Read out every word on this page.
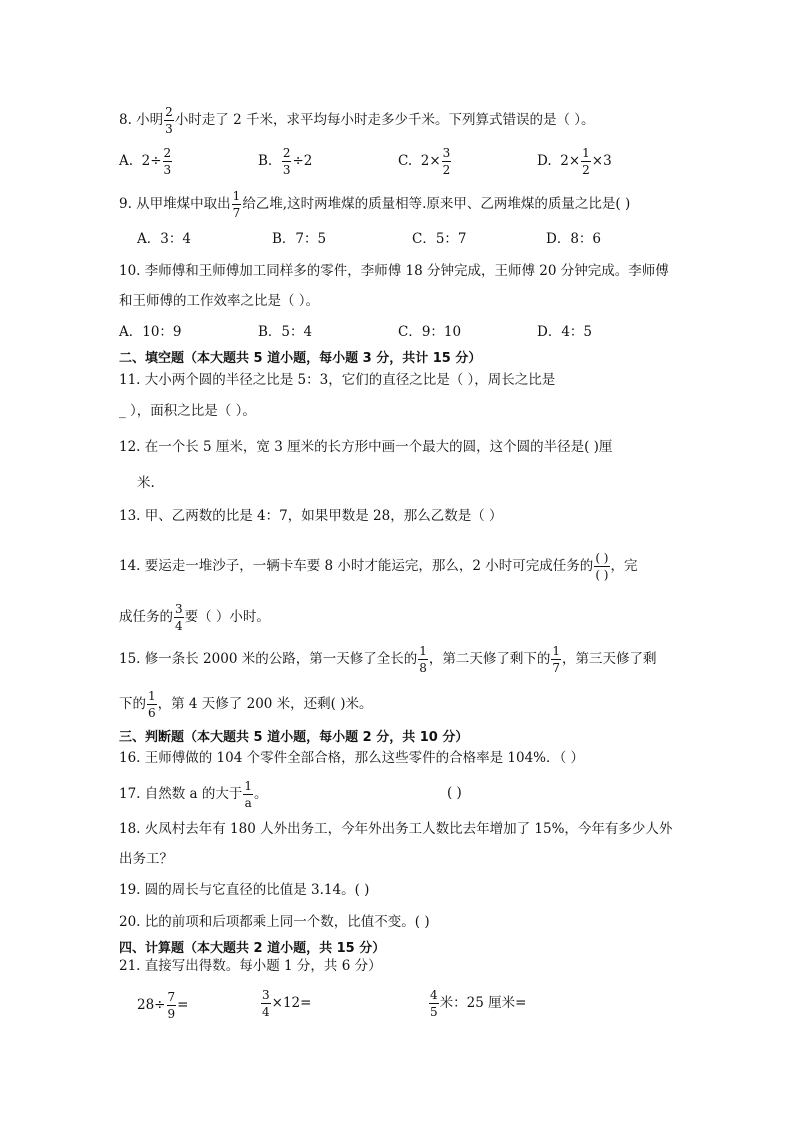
8. 小明 $\frac{2}{3}$ 小时走了 2 千米，求平均每小时走多少千米。下列算式错误的是（ ）。
A. $2\div \frac{2}{3}$	B. $\frac{2}{3} \div 2$	C. $2\times \frac{3}{2}$	D. $2\times \frac{1}{2} \times 3$
9. 从甲堆煤中取出 $\frac{1}{7}$ 给乙堆,这时两堆煤的质量相等.原来甲、乙两堆煤的质量之比是( )
A．3：4	B．7：5	C．5：7	D．8：6
10. 李师傅和王师傅加工同样多的零件，李师傅 18 分钟完成，王师傅 20 分钟完成。李师傅
和王师傅的工作效率之比是（ ）。
A．10：9	B．5：4	C．9：10	D．4：5
二、填空题（本大题共 5 道小题，每小题 3 分，共计 15 分）
11. 大小两个圆的半径之比是 5：3，它们的直径之比是（ ），周长之比是
_ ），面积之比是（ ）。
12. 在一个长 5 厘米，宽 3 厘米的长方形中画一个最大的圆，这个圆的半径是( )厘
米.
13. 甲、乙两数的比是 4：7，如果甲数是 28，那么乙数是（ ）
14. 要运走一堆沙子，一辆卡车要 8 小时才能运完，那么，2 小时可完成任务的 $\frac{( )}{( )}$ ，完
成任务的 $\frac{3}{4}$ 要（ ）小时。
15. 修一条长 2000 米的公路，第一天修了全长的 $\frac{1}{8}$ ，第二天修了剩下的 $\frac{1}{7}$ ，第三天修了剩
下的 $\frac{1}{6}$ ，第 4 天修了 200 米，还剩( )米。
三、判断题（本大题共 5 道小题，每小题 2 分，共 10 分）
16. 王师傅做的 104 个零件全部合格，那么这些零件的合格率是 104%．（ ）
17. 自然数 a 的大于 $\frac{1}{a}$ 。	( )
18. 火凤村去年有 180 人外出务工，今年外出务工人数比去年增加了 15%，今年有多少人外
出务工？
19. 圆的周长与它直径的比值是 3.14。( )
20. 比的前项和后项都乘上同一个数，比值不变。( )
四、计算题（本大题共 2 道小题，共 15 分）
21. 直接写出得数。每小题 1 分，共 6 分）
$28\div \frac{7}{9}$ =	$\frac{3}{4} \times 12=$	$\frac{4}{5}$ 米：25 厘米=
